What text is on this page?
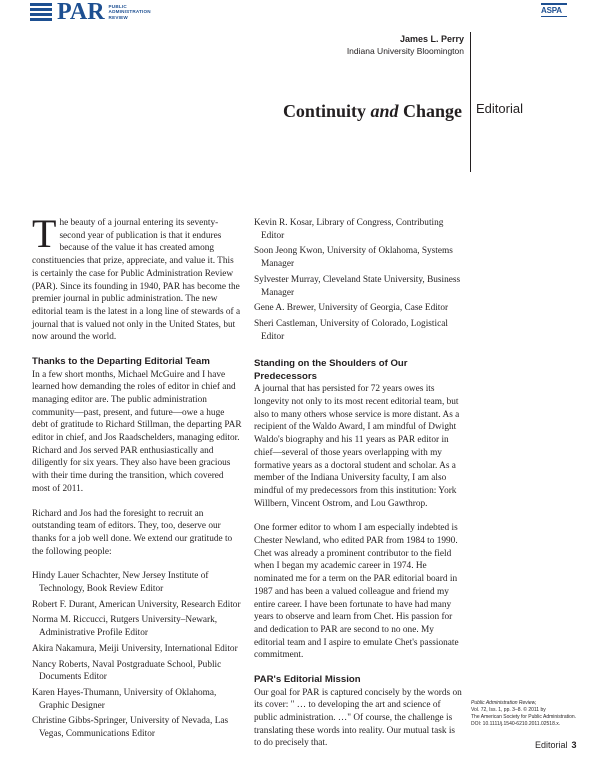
PAR PUBLIC
ADMINISTRATION
REVIEW
ASPA
James L. Perry
Indiana University Bloomington
Continuity and Change Editorial

The beauty of a journal entering its seventy-second year of publication is that it endures because of the value it has created among constituencies that prize, appreciate, and value it. This is certainly the case for Public Administration Review (PAR). Since its founding in 1940, PAR has become the premier journal in public administration. The new editorial team is the latest in a long line of stewards of a journal that is valued not only in the United States, but now around the world.

Thanks to the Departing Editorial Team

In a few short months, Michael McGuire and I have learned how demanding the roles of editor in chief and managing editor are. The public administration community—past, present, and future—owe a huge debt of gratitude to Richard Stillman, the departing PAR editor in chief, and Jos Raadschelders, managing editor. Richard and Jos served PAR enthusiastically and diligently for six years. They also have been gracious with their time during the transition, which covered most of 2011.

Richard and Jos had the foresight to recruit an outstanding team of editors. They, too, deserve our thanks for a job well done. We extend our gratitude to the following people:

Hindy Lauer Schachter, New Jersey Institute of Technology, Book Review Editor

Robert F. Durant, American University, Research Editor

Norma M. Riccucci, Rutgers University–Newark, Administrative Profile Editor

Akira Nakamura, Meiji University, International Editor

Nancy Roberts, Naval Postgraduate School, Public Documents Editor

Karen Hayes-Thumann, University of Oklahoma, Graphic Designer

Christine Gibbs-Springer, University of Nevada, Las Vegas, Communications Editor

Kevin R. Kosar, Library of Congress, Contributing Editor

Soon Jeong Kwon, University of Oklahoma, Systems Manager

Sylvester Murray, Cleveland State University, Business Manager

Gene A. Brewer, University of Georgia, Case Editor

Sheri Castleman, University of Colorado, Logistical Editor

Standing on the Shoulders of Our Predecessors

A journal that has persisted for 72 years owes its longevity not only to its most recent editorial team, but also to many others whose service is more distant. As a recipient of the Waldo Award, I am mindful of Dwight Waldo's biography and his 11 years as PAR editor in chief—several of those years overlapping with my formative years as a doctoral student and scholar. As a member of the Indiana University faculty, I am also mindful of my predecessors from this institution: York Willbern, Vincent Ostrom, and Lou Gawthrop.

One former editor to whom I am especially indebted is Chester Newland, who edited PAR from 1984 to 1990. Chet was already a prominent contributor to the field when I began my academic career in 1974. He nominated me for a term on the PAR editorial board in 1987 and has been a valued colleague and friend my entire career. I have been fortunate to have had many years to observe and learn from Chet. His passion for and dedication to PAR are second to no one. My editorial team and I aspire to emulate Chet's passionate commitment.

PAR's Editorial Mission

Our goal for PAR is captured concisely by the words on its cover: " … to developing the art and science of public administration. …" Of course, the challenge is translating these words into reality. Our mutual task is to do precisely that.

Public Administration Review,
Vol. 72, Iss. 1, pp. 3–8. © 2011 by
The American Society for Public Administration.
DOI: 10.1111/j.1540-6210.2011.02518.x.
Editorial 3
